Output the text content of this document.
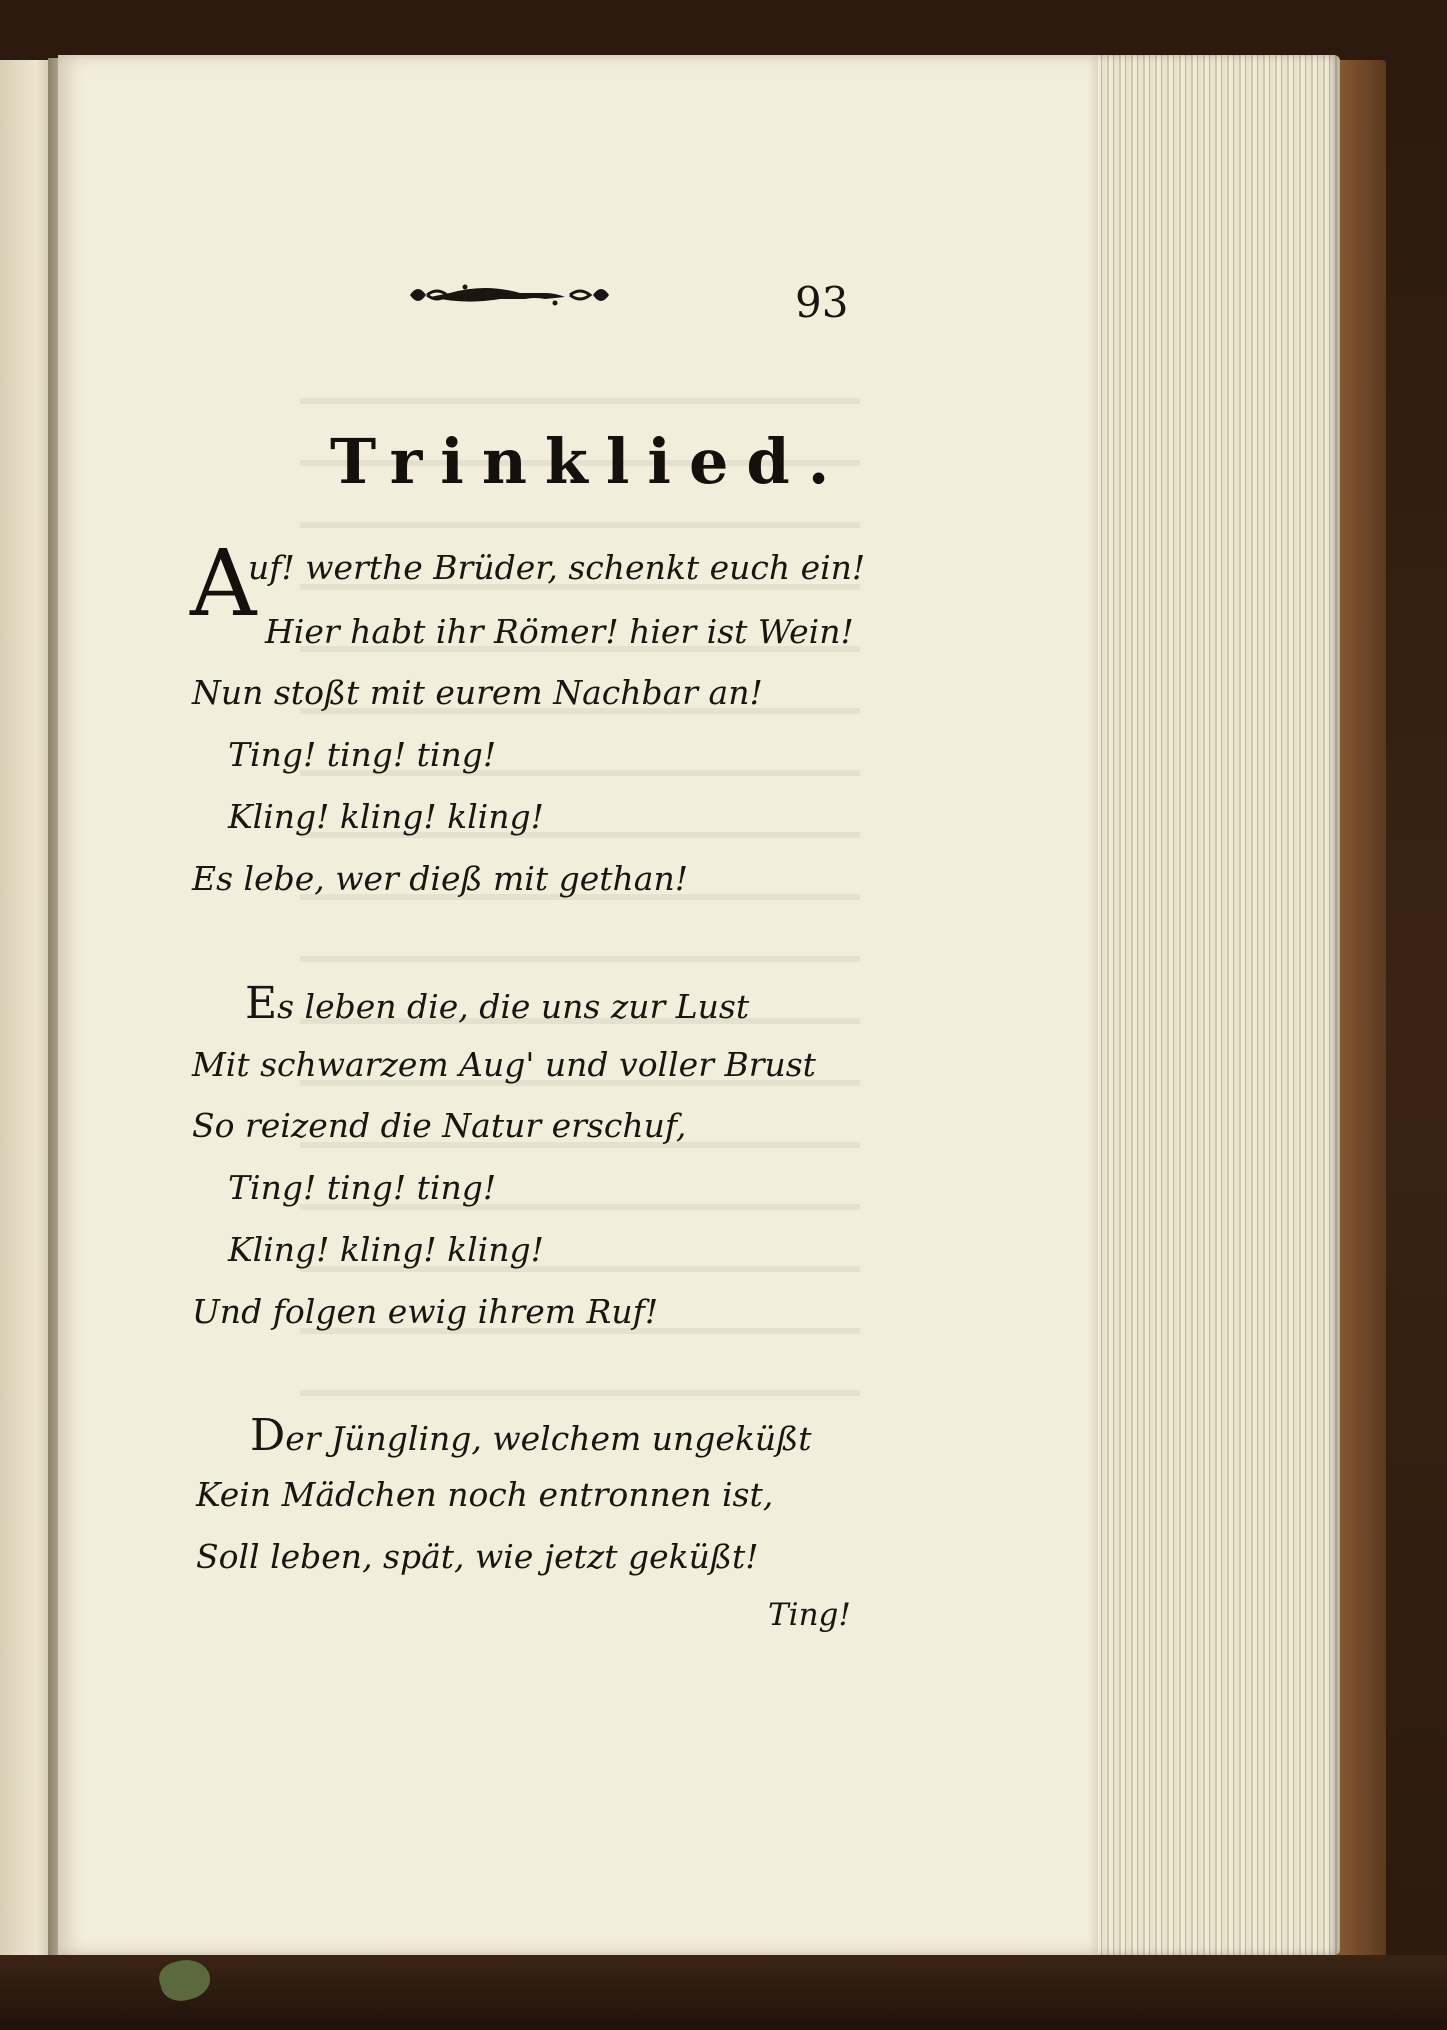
93
Trinklied.
A
uf! werthe Brüder, schenkt euch ein!
Hier habt ihr Römer! hier ist Wein!
Nun stoßt mit eurem Nachbar an!
Ting! ting! ting!
Kling! kling! kling!
Es lebe, wer dieß mit gethan!
Es leben die, die uns zur Lust
Mit schwarzem Aug' und voller Brust
So reizend die Natur erschuf,
Ting! ting! ting!
Kling! kling! kling!
Und folgen ewig ihrem Ruf!
Der Jüngling, welchem ungeküßt
Kein Mädchen noch entronnen ist,
Soll leben, spät, wie jetzt geküßt!
Ting!
